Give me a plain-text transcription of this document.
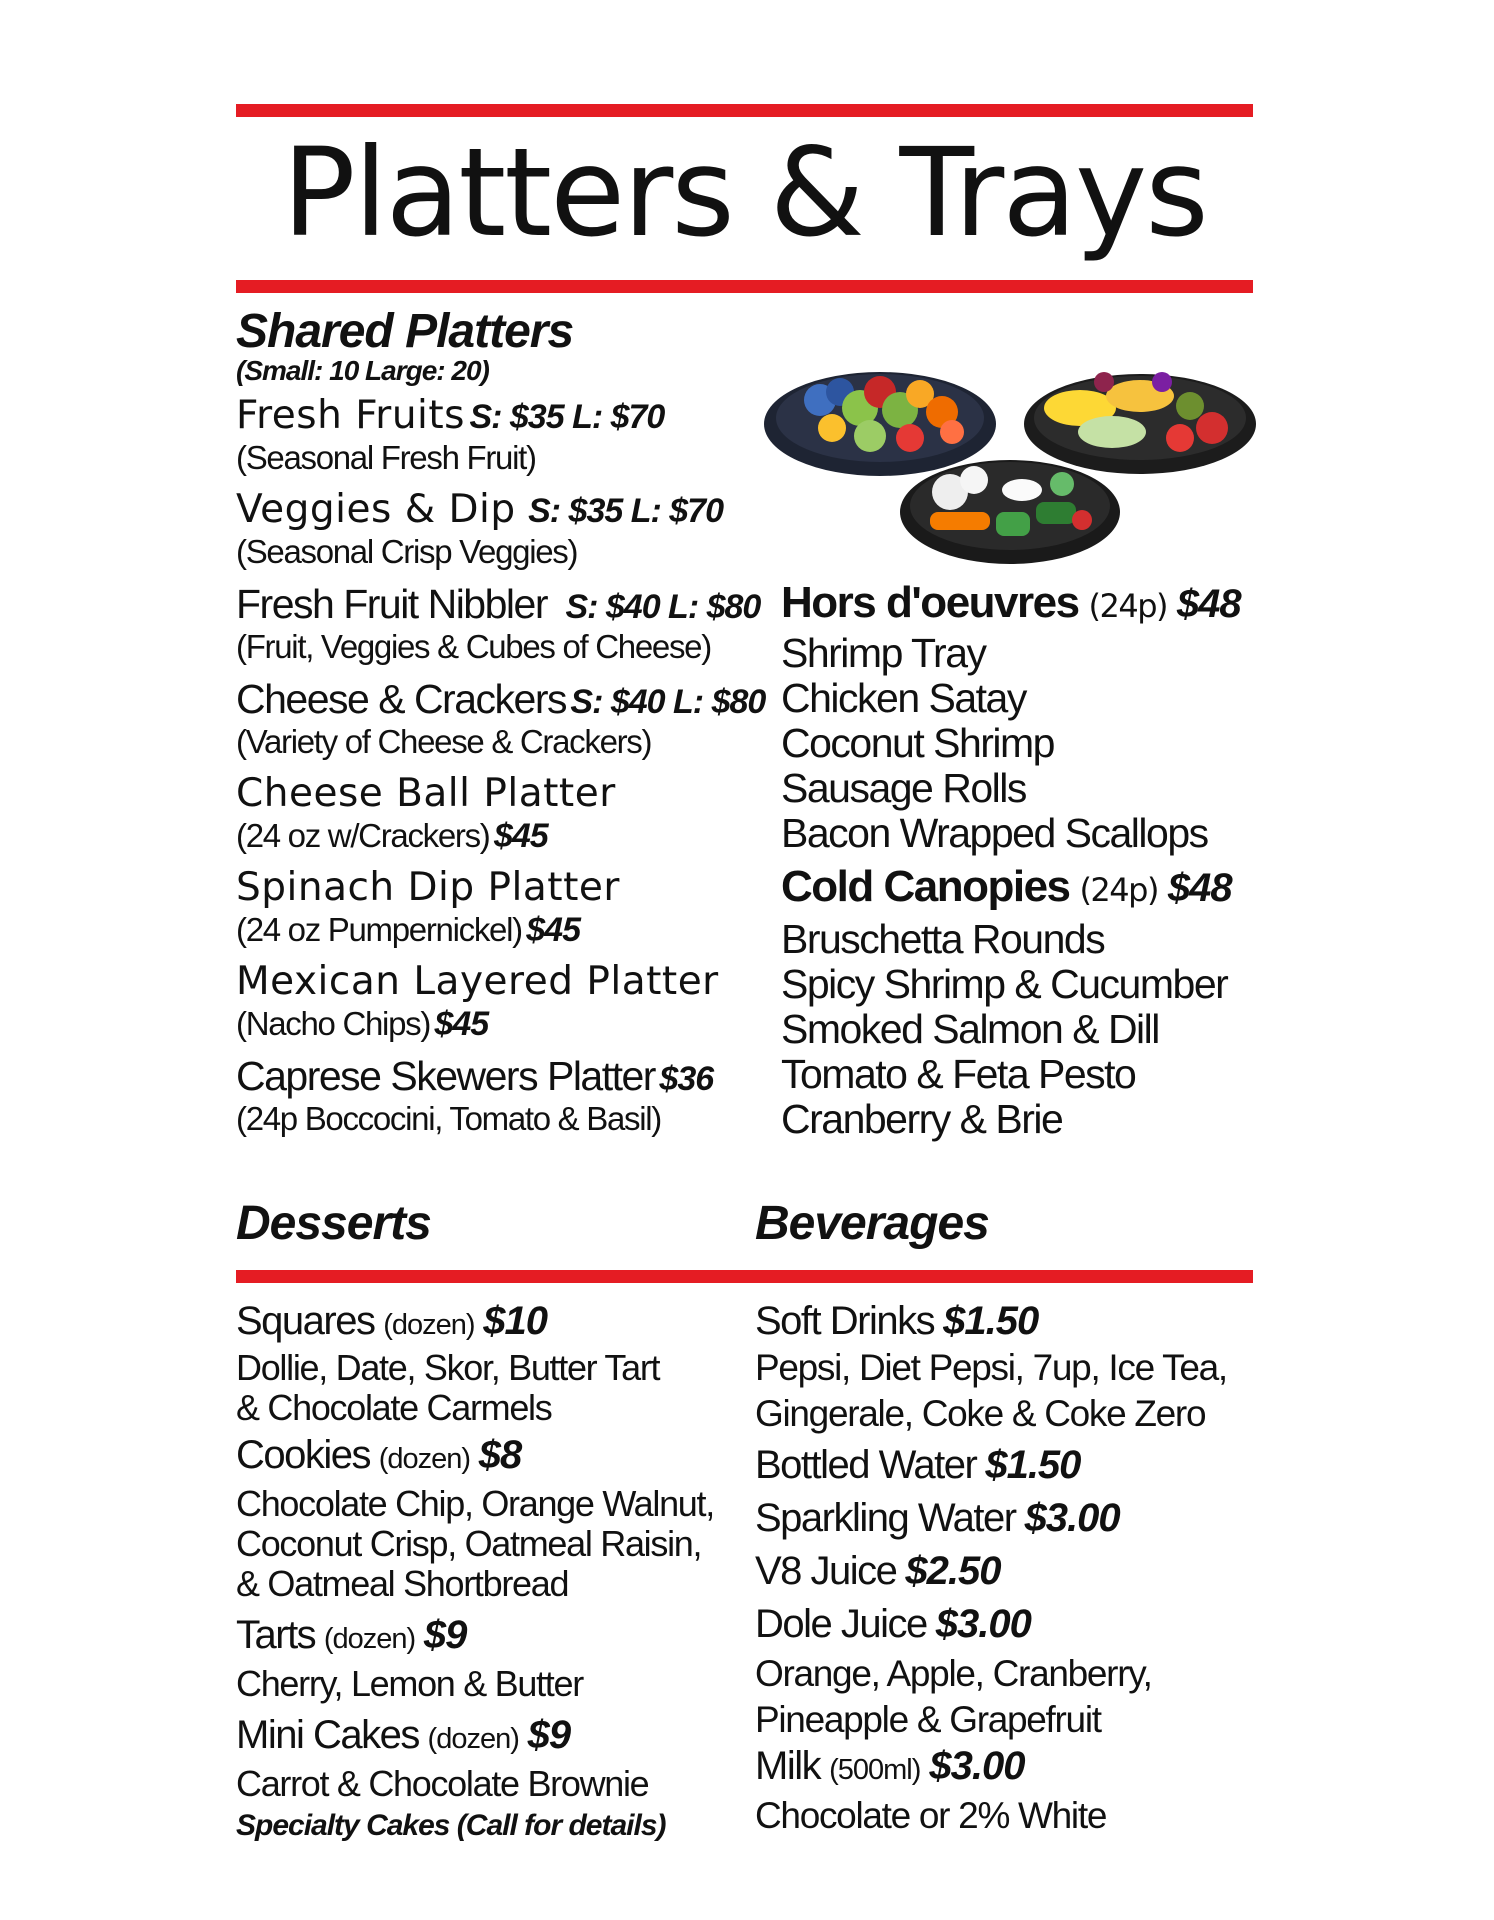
Platters & Trays
Shared Platters
(Small: 10 Large: 20)
Fresh Fruits S: $35 L: $70
(Seasonal Fresh Fruit)
Veggies & Dip S: $35 L: $70
(Seasonal Crisp Veggies)
Fresh Fruit Nibbler S: $40 L: $80
(Fruit, Veggies & Cubes of Cheese)
Cheese & Crackers S: $40 L: $80
(Variety of Cheese & Crackers)
Cheese Ball Platter
(24 oz w/Crackers) $45
Spinach Dip Platter
(24 oz Pumpernickel) $45
Mexican Layered Platter
(Nacho Chips) $45
Caprese Skewers Platter $36
(24p Boccocini, Tomato & Basil)
Hors d'oeuvres (24p) $48
Shrimp Tray
Chicken Satay
Coconut Shrimp
Sausage Rolls
Bacon Wrapped Scallops
Cold Canopies (24p) $48
Bruschetta Rounds
Spicy Shrimp & Cucumber
Smoked Salmon & Dill
Tomato & Feta Pesto
Cranberry & Brie
Desserts	Beverages
Squares (dozen) $10
Dollie, Date, Skor, Butter Tart
& Chocolate Carmels
Cookies (dozen) $8
Chocolate Chip, Orange Walnut,
Coconut Crisp, Oatmeal Raisin,
& Oatmeal Shortbread
Tarts (dozen) $9
Cherry, Lemon & Butter
Mini Cakes (dozen) $9
Carrot & Chocolate Brownie
Specialty Cakes (Call for details)
Soft Drinks $1.50
Pepsi, Diet Pepsi, 7up, Ice Tea,
Gingerale, Coke & Coke Zero
Bottled Water $1.50
Sparkling Water $3.00
V8 Juice $2.50
Dole Juice $3.00
Orange, Apple, Cranberry,
Pineapple & Grapefruit
Milk (500ml) $3.00
Chocolate or 2% White
